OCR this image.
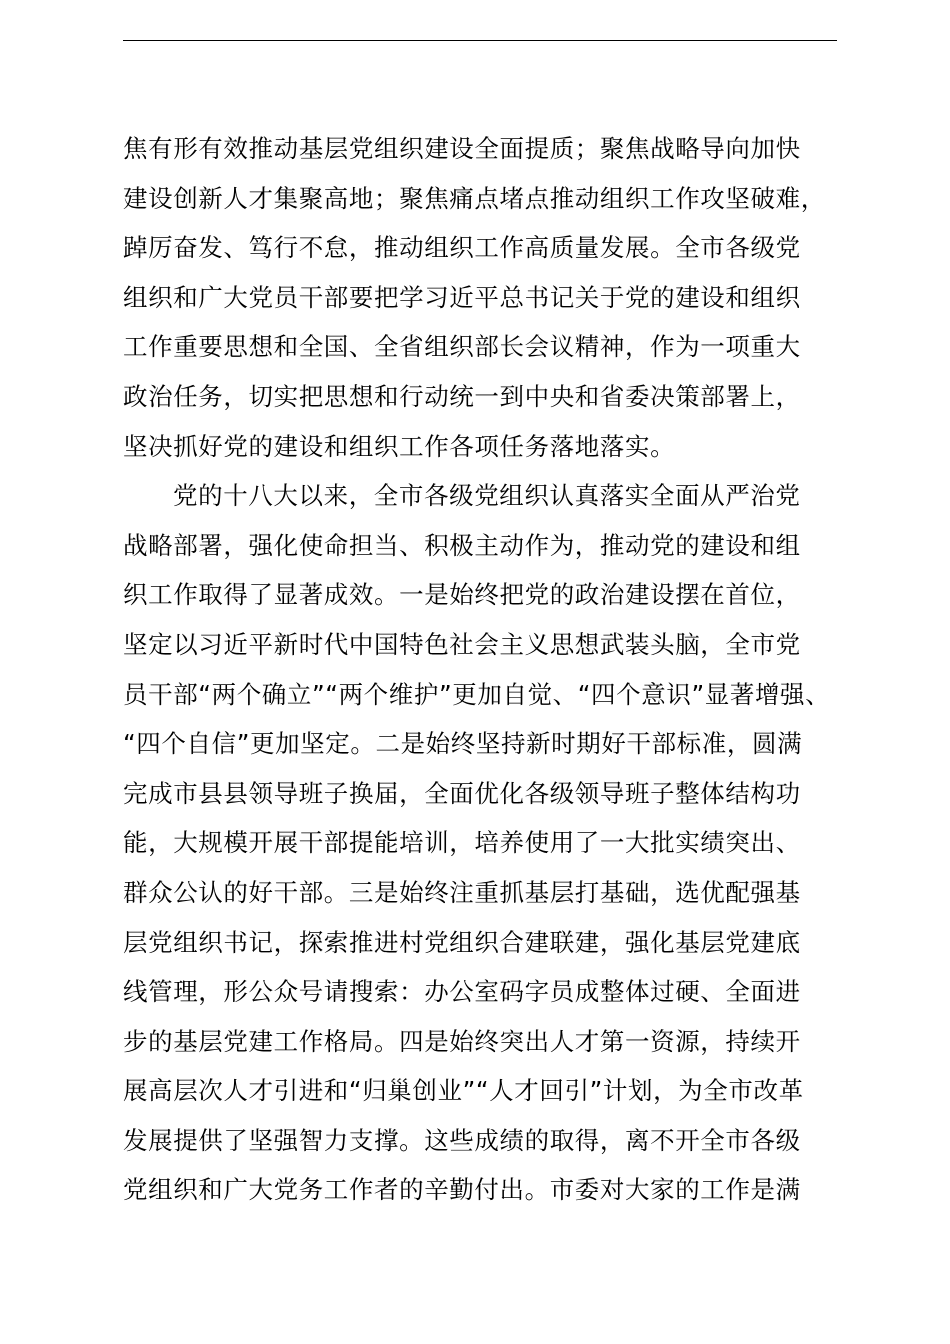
焦有形有效推动基层党组织建设全面提质；聚焦战略导向加快
建设创新人才集聚高地；聚焦痛点堵点推动组织工作攻坚破难，
踔厉奋发、笃行不怠，推动组织工作高质量发展。全市各级党
组织和广大党员干部要把学习近平总书记关于党的建设和组织
工作重要思想和全国、全省组织部长会议精神，作为一项重大
政治任务，切实把思想和行动统一到中央和省委决策部署上，
坚决抓好党的建设和组织工作各项任务落地落实。
党的十八大以来，全市各级党组织认真落实全面从严治党
战略部署，强化使命担当、积极主动作为，推动党的建设和组
织工作取得了显著成效。一是始终把党的政治建设摆在首位，
坚定以习近平新时代中国特色社会主义思想武装头脑，全市党
员干部“两个确立”“两个维护”更加自觉、“四个意识”显著增强、
“四个自信”更加坚定。二是始终坚持新时期好干部标准，圆满
完成市县县领导班子换届，全面优化各级领导班子整体结构功
能，大规模开展干部提能培训，培养使用了一大批实绩突出、
群众公认的好干部。三是始终注重抓基层打基础，选优配强基
层党组织书记，探索推进村党组织合建联建，强化基层党建底
线管理，形公众号请搜索：办公室码字员成整体过硬、全面进
步的基层党建工作格局。四是始终突出人才第一资源，持续开
展高层次人才引进和“归巢创业”“人才回引”计划，为全市改革
发展提供了坚强智力支撑。这些成绩的取得，离不开全市各级
党组织和广大党务工作者的辛勤付出。市委对大家的工作是满
